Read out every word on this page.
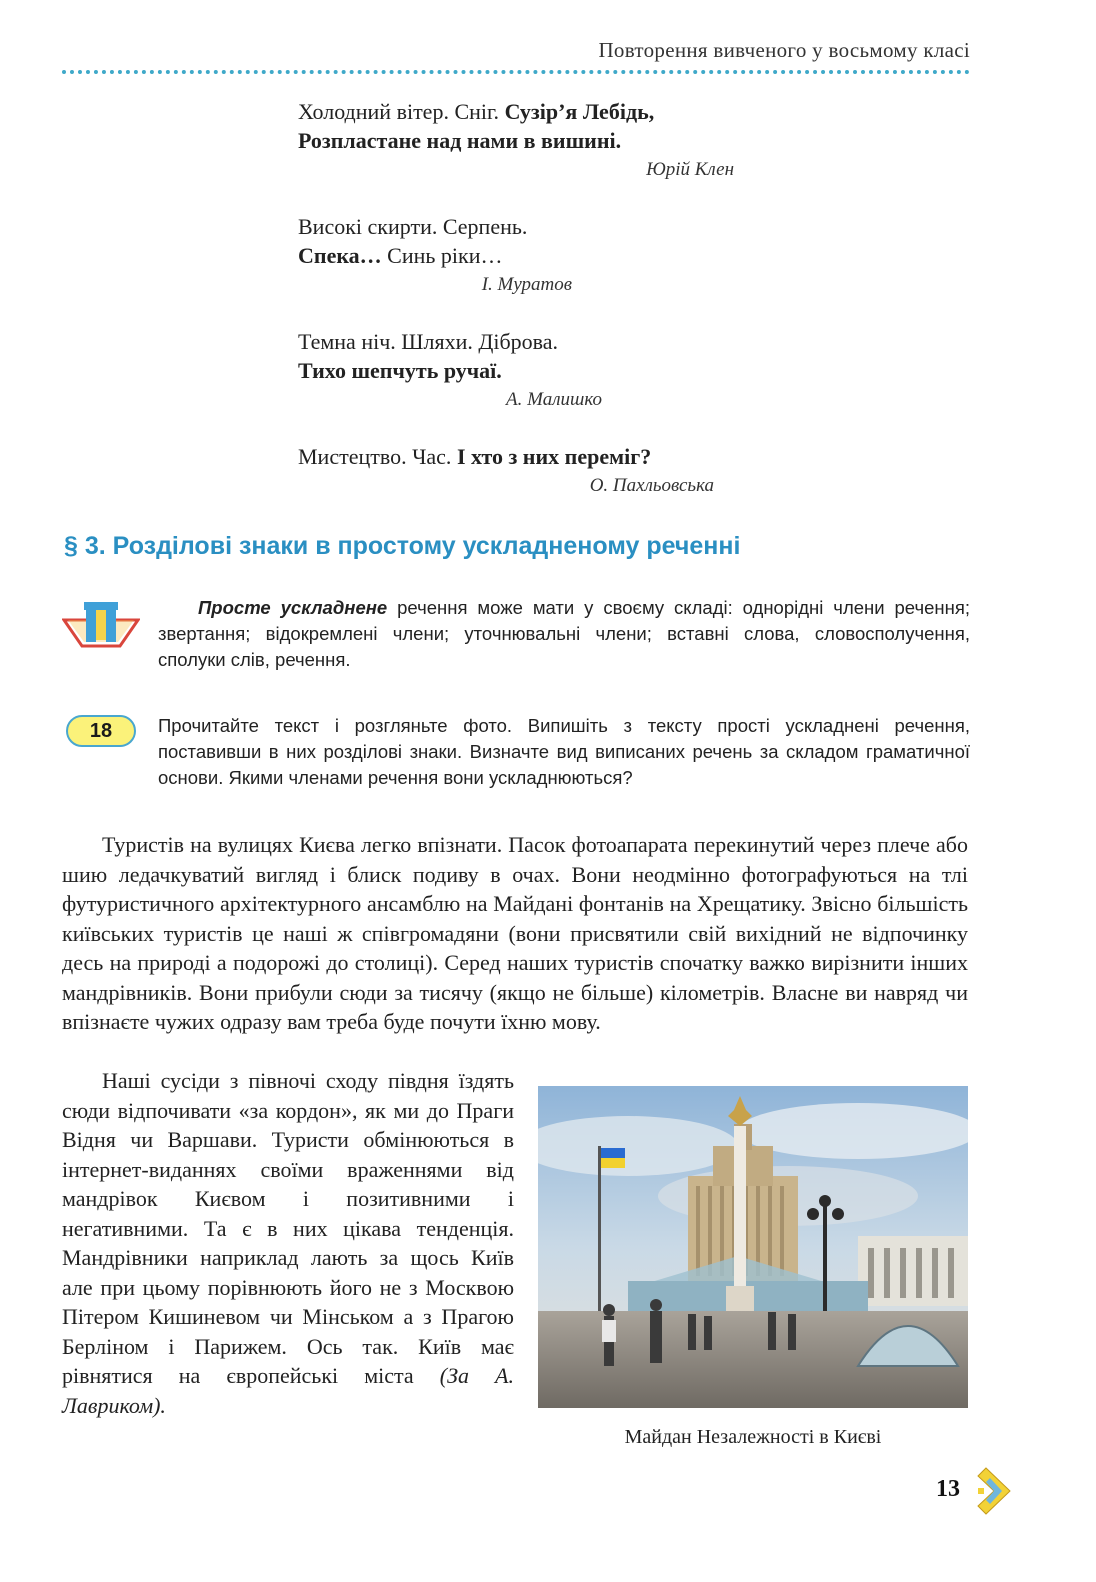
Повторення вивченого у восьмому класі
Холодний вітер. Сніг. Сузір’я Лебідь,
Розпластане над нами в вишині.
Юрій Клен
Високі скирти. Серпень.
Спека… Синь ріки…
І. Муратов
Темна ніч. Шляхи. Діброва.
Тихо шепчуть ручаї.
А. Малишко
Мистецтво. Час. І хто з них переміг?
О. Пахльовська
§ 3. Розділові знаки в простому ускладненому реченні
Просте ускладнене речення може мати у своєму складі: однорідні члени речення; звертання; відокремлені члени; уточнювальні члени; вставні слова, словосполучення, сполуки слів, речення.
18	Прочитайте текст і розгляньте фото. Випишіть з тексту прості ускладнені речення, поставивши в них розділові знаки. Визначте вид виписаних речень за складом граматичної основи. Якими членами речення вони ускладнюються?
Туристів на вулицях Києва легко впізнати. Пасок фотоапарата перекинутий через плече або шию ледачкуватий вигляд і блиск подиву в очах. Вони неодмінно фотографуються на тлі футуристичного архітектурного ансамблю на Майдані фонтанів на Хрещатику. Звісно більшість київських туристів це наші ж співгромадяни (вони присвятили свій вихідний не відпочинку десь на природі а подорожі до столиці). Серед наших туристів спочатку важко вирізнити інших мандрівників. Вони прибули сюди за тисячу (якщо не більше) кілометрів. Власне ви навряд чи впізнаєте чужих одразу вам треба буде почути їхню мову.
Наші сусіди з півночі сходу півдня їздять сюди відпочивати «за кордон», як ми до Праги Відня чи Варшави. Туристи обмінюються в інтернет-виданнях своїми враженнями від мандрівок Києвом і позитивними і негативними. Та є в них цікава тенденція. Мандрівники наприклад лають за щось Київ але при цьому порівнюють його не з Москвою Пітером Кишиневом чи Мінськом а з Прагою Берліном і Парижем. Ось так. Київ має рівнятися на європейські міста (За А. Лавриком).
Майдан Незалежності в Києві
13
